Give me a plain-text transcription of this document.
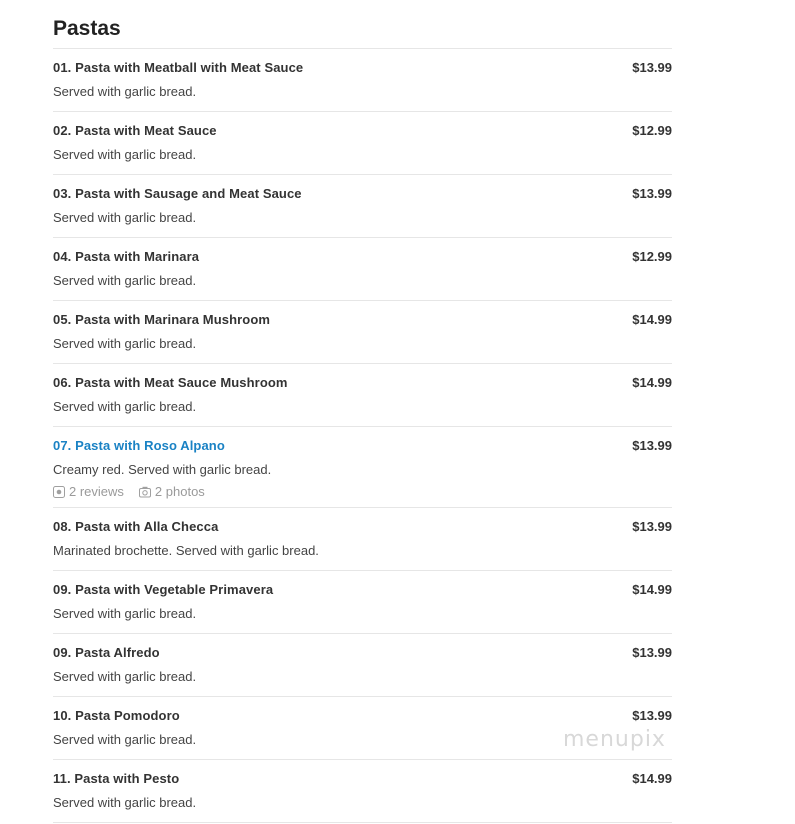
Pastas
01. Pasta with Meatball with Meat Sauce	$13.99
Served with garlic bread.
02. Pasta with Meat Sauce	$12.99
Served with garlic bread.
03. Pasta with Sausage and Meat Sauce	$13.99
Served with garlic bread.
04. Pasta with Marinara	$12.99
Served with garlic bread.
05. Pasta with Marinara Mushroom	$14.99
Served with garlic bread.
06. Pasta with Meat Sauce Mushroom	$14.99
Served with garlic bread.
07. Pasta with Roso Alpano	$13.99
Creamy red. Served with garlic bread.
2 reviews 2 photos
08. Pasta with Alla Checca	$13.99
Marinated brochette. Served with garlic bread.
09. Pasta with Vegetable Primavera	$14.99
Served with garlic bread.
09. Pasta Alfredo	$13.99
Served with garlic bread.
10. Pasta Pomodoro	$13.99
Served with garlic bread.
11. Pasta with Pesto	$14.99
Served with garlic bread.
menupix
